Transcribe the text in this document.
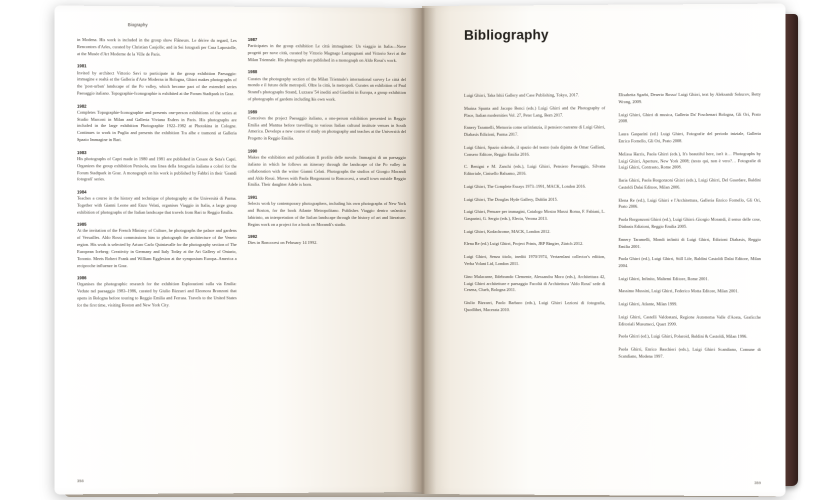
Biography
in Modena. His work is included in the group show Flâneurs. Le dérive du regard, Les Rencontres d'Arles, curated by Christian Caujolle; and in Sei fotografi per Casa Lapostolle, at the Musée d'Art Moderne de la Ville de Paris.
1981
Invited by architect Vittorio Savi to participate in the group exhibition Paesaggio: immagine e realtà at the Galleria d'Arte Moderna in Bologna, Ghirri makes photographs of the 'post-urban' landscape of the Po valley, which become part of the extended series Paesaggio italiano. Topographie-Iconographie is exhibited at the Forum Stadtpark in Graz.
1982
Completes Topographie-Iconographie and presents one-person exhibitions of the series at Studio Marconi in Milan and Galleria Viviana Esders in Paris. His photographs are included in the large exhibition Photographie 1922–1982 at Photokina in Cologne. Continues to work in Puglia and presents the exhibition Tra albe e tramonti at Galleria Spazio Immagine in Bari.
1983
His photographs of Capri made in 1980 and 1981 are published in Cesare de Seta's Capri. Organizes the group exhibition Penisola, una linea della fotografia italiana a colori for the Forum Stadtpark in Graz. A monograph on his work is published by Fabbri in their 'Grandi fotografi' series.
1984
Teaches a course in the history and technique of photography at the Università di Parma. Together with Gianni Leone and Enzo Velati, organises Viaggio in Italia, a large group exhibition of photographs of the Italian landscape that travels from Bari to Reggio Emilia.
1985
At the invitation of the French Ministry of Culture, he photographs the palace and gardens of Versailles. Aldo Rossi commissions him to photograph the architecture of the Veneto region. His work is selected by Arturo Carlo Quintavalle for the photography section of The European Iceberg: Creativity in Germany and Italy Today at the Art Gallery of Ontario, Toronto. Meets Robert Frank and William Eggleston at the symposium Europa–America a reciproche influenze in Graz.
1986
Organises the photographic research for the exhibition Esplorazioni sulla via Emilia: Vedute nel paesaggio 1983–1986, curated by Giulio Bizzarri and Eleonora Bronzoni that opens in Bologna before touring to Reggio Emilia and Ferrara. Travels to the United States for the first time, visiting Boston and New York City.
1987
Participates in the group exhibition Le città immaginate: Un viaggio in Italia—Nove progetti per nove città, curated by Vittorio Magnago Lampugnani and Vittorio Savi at the Milan Triennale. His photographs are published in a monograph on Aldo Rossi's work.
1988
Curates the photography section of the Milan Triennale's international survey Le città del mondo e il futuro delle metropoli. Oltre la città, la metropoli. Curates an exhibition of Paul Strand's photographs Strand, Luzzara '54 inediti and Giardini in Europa, a group exhibition of photographs of gardens including his own work.
1989
Conceives the project Paesaggio italiano, a one-person exhibition presented in Reggio Emilia and Mantua before travelling to various Italian cultural institute venues in South America. Develops a new course of study on photography and teaches at the Università del Progetto in Reggio Emilia.
1990
Makes the exhibition and publication Il profilo delle nuvole. Immagini di un paesaggio italiano in which he follows an itinerary through the landscape of the Po valley in collaboration with the writer Gianni Celati. Photographs the studios of Giorgio Morandi and Aldo Rossi. Moves with Paola Borgonzoni to Roncocesi, a small town outside Reggio Emilia. Their daughter Adele is born.
1991
Selects work by contemporary photographers, including his own photographs of New York and Boston, for the book Atlante Metropolitano. Publishes Viaggio dentro un'antico labirinto, an interpretation of the Italian landscape through the history of art and literature. Begins work on a project for a book on Morandi's studio.
1992
Dies in Roncocesi on February 14 1992.
358
Bibliography
Luigi Ghirri, Taka Ishii Gallery and Case Publishing, Tokyo, 2017.
Marina Spunta and Jacopo Benci (eds.) Luigi Ghirri and the Photography of Place, Italian modernities Vol. 27, Peter Lang, Bern 2017.
Ennery Taramelli, Memoria come un'infanzia, il pensiero narrante di Luigi Ghirri, Diabasis Edizioni, Parma 2017.
Luigi Ghirri, Spazio siderale, il spazio del teatro (sala dipinta de Omar Galliani, Consero Editore, Reggio Emilia 2016.
C. Benigni e M. Zanchi (eds.), Luigi Ghirri, Pensiero Paesaggio, Silvana Editoriale, Cinisello Balsamo, 2016.
Luigi Ghirri, The Complete Essays 1973–1991, MACK, London 2016.
Luigi Ghirri, The Douglas Hyde Gallery, Dublin 2015.
Luigi Ghirri, Pensare per immagini, Catalogo Mostra Maxxi Roma, F. Fabiani, L. Gasparini, G. Sergio (eds.), Electa, Verona 2013.
Luigi Ghirri, Kodachrome, MACK, London 2012.
Elena Re (ed.) Luigi Ghirri, Project Prints, JRP Ringier, Zürich 2012.
Luigi Ghirri, Senza titolo, inediti 1970/1974, Vertaenlant collector's edition, Verba Volant Ltd, London 2011.
Gino Malacarne, Ildebrando Clemente, Alessandra Moro (eds.), Architettura 42, Luigi Ghirri architetture e paesaggio Facoltà di Architettura 'Aldo Rossi' sede di Cesena, Clueb, Bologna 2011.
Giulio Bizzarri, Paolo Barbaro (eds.), Luigi Ghirri Lezioni di fotografia, Quodlibet, Macerata 2010.
Elisabetta Sgarbi, Deserto Rosso/ Luigi Ghirri, text by Aleksandr Sokurov, Betty Wrong, 2009.
Luigi Ghirri, Ghirri di musica, Galleria Da' Foschenari Bologna, Gli Ori, Prato 2008.
Laura Gasparini (ed.) Luigi Ghirri, Fotografie del periodo iniziale, Galleria Enrico Fornello, Gli Ori, Prato 2008.
Melissa Harris, Paola Ghirri (eds.), It's beautiful here, isn't it… Photographs by Luigi Ghirri, Aperture, New York 2008; (testo qui, non è vero?… Fotografie di Luigi Ghirri, Contrasto, Rome 2008.
Ilaria Ghirri, Paola Borgonzoni Ghirri (eds.), Luigi Ghirri, Del Guardare, Baldini Castoldi Dalai Editore, Milan 2006.
Elena Re (ed.), Luigi Ghirri e l'Architettura, Galleria Enrico Fornello, Gli Ori, Prato 2006.
Paola Borgonzoni Ghirri (ed.), Luigi Ghirri–Giorgio Morandi, il senso delle cose, Diabasis Edizioni, Reggio Emilia 2005.
Ennery Taramelli, Mondi infiniti di Luigi Ghirri, Edizioni Diabasis, Reggio Emilia 2001.
Paola Ghirri (ed.), Luigi Ghirri, Still Life, Baldini Castoldi Dalai Editore, Milan 2004.
Luigi Ghirri, Infinito, Maltemi Editore, Rome 2001.
Massimo Mussini, Luigi Ghirri, Federico Motta Editore, Milan 2001.
Luigi Ghirri, Atlante, Milan 1999.
Luigi Ghirri, Castelli Valdostani, Regione Autonoma Valle d'Aosta, Graficche Editoriali Musumeci, Quart 1999.
Paola Ghirri (ed.), Luigi Ghirri, Polaroid, Baldini & Castoldi, Milan 1996.
Paola Ghirri, Enrico Baschieri (eds.), Luigi Ghirri Scandiano, Comune di Scandiano, Modena 1997.
359
